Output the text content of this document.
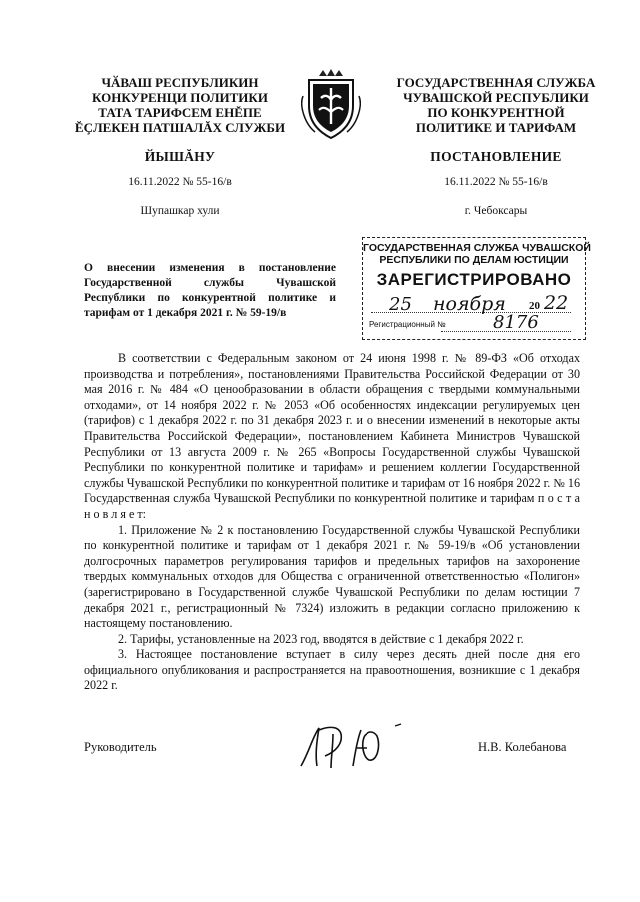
ЧӐВАШ РЕСПУБЛИКИН
КОНКУРЕНЦИ ПОЛИТИКИ
ТАТА ТАРИФСЕМ ЕНĔПЕ
ĔҪЛЕКЕН ПАТШАЛĂХ СЛУЖБИ
ЙЫШĂНУ
16.11.2022 № 55-16/в
Шупашкар хули
ГОСУДАРСТВЕННАЯ СЛУЖБА
ЧУВАШСКОЙ РЕСПУБЛИКИ
ПО КОНКУРЕНТНОЙ
ПОЛИТИКЕ И ТАРИФАМ
ПОСТАНОВЛЕНИЕ
16.11.2022 № 55-16/в
г. Чебоксары
ГОСУДАРСТВЕННАЯ СЛУЖБА ЧУВАШСКОЙ
РЕСПУБЛИКИ ПО ДЕЛАМ ЮСТИЦИИ
ЗАРЕГИСТРИРОВАНО
25 ноября 20 22
Регистрационный №	8176
О внесении изменения в постановление Государственной службы Чувашской Республики по конкурентной политике и тарифам от 1 декабря 2021 г. № 59-19/в

В соответствии с Федеральным законом от 24 июня 1998 г. № 89-ФЗ «Об отходах производства и потребления», постановлениями Правительства Российской Федерации от 30 мая 2016 г. № 484 «О ценообразовании в области обращения с твердыми коммунальными отходами», от 14 ноября 2022 г. № 2053 «Об особенностях индексации регулируемых цен (тарифов) с 1 декабря 2022 г. по 31 декабря 2023 г. и о внесении изменений в некоторые акты Правительства Российской Федерации», постановлением Кабинета Министров Чувашской Республики от 13 августа 2009 г. № 265 «Вопросы Государственной службы Чувашской Республики по конкурентной политике и тарифам» и решением коллегии Государственной службы Чувашской Республики по конкурентной политике и тарифам от 16 ноября 2022 г. № 16 Государственная служба Чувашской Республики по конкурентной политике и тарифам п о с т а н о в л я е т:

1. Приложение № 2 к постановлению Государственной службы Чувашской Республики по конкурентной политике и тарифам от 1 декабря 2021 г. № 59-19/в «Об установлении долгосрочных параметров регулирования тарифов и предельных тарифов на захоронение твердых коммунальных отходов для Общества с ограниченной ответственностью «Полигон» (зарегистрировано в Государственной службе Чувашской Республики по делам юстиции 7 декабря 2021 г., регистрационный № 7324) изложить в редакции согласно приложению к настоящему постановлению.

2. Тарифы, установленные на 2023 год, вводятся в действие с 1 декабря 2022 г.

3. Настоящее постановление вступает в силу через десять дней после дня его официального опубликования и распространяется на правоотношения, возникшие с 1 декабря 2022 г.

Руководитель	Н.В. Колебанова
